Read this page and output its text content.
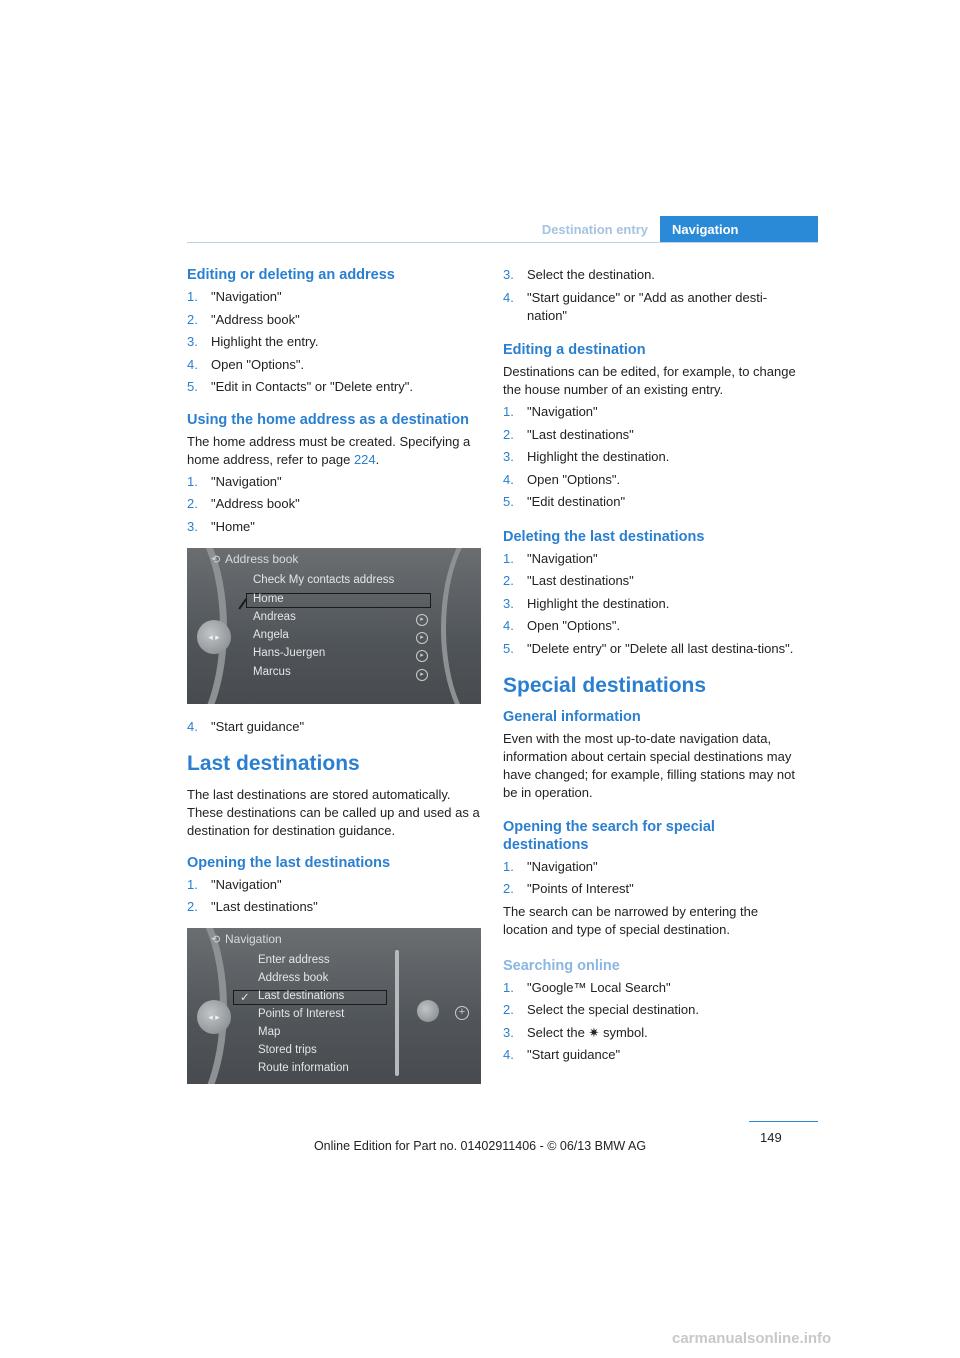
Destination entry	Navigation
Editing or deleting an address
1.	"Navigation"
2.	"Address book"
3.	Highlight the entry.
4.	Open "Options".
5.	"Edit in Contacts" or "Delete entry".
Using the home address as a destination
The home address must be created. Specifying a home address, refer to page 224.
1.	"Navigation"
2.	"Address book"
3.	"Home"
◂ ▸
⟲ Address book
Check My contacts address
Home
Andreas
Angela
Hans-Juergen
Marcus
▸
▸
▸
▸
4.	"Start guidance"
Last destinations
The last destinations are stored automatically. These destinations can be called up and used as a destination for destination guidance.
Opening the last destinations
1.	"Navigation"
2.	"Last destinations"
◂ ▸	+
⟲ Navigation
Enter address
Address book
✓ Last destinations
Points of Interest
Map
Stored trips
Route information
3.	Select the destination.
4.	"Start guidance" or "Add as another desti-nation"
Editing a destination
Destinations can be edited, for example, to change the house number of an existing entry.
1.	"Navigation"
2.	"Last destinations"
3.	Highlight the destination.
4.	Open "Options".
5.	"Edit destination"
Deleting the last destinations
1.	"Navigation"
2.	"Last destinations"
3.	Highlight the destination.
4.	Open "Options".
5.	"Delete entry" or "Delete all last destina-tions".
Special destinations
General information
Even with the most up-to-date navigation data, information about certain special destinations may have changed; for example, filling stations may not be in operation.
Opening the search for special destinations
1.	"Navigation"
2.	"Points of Interest"
The search can be narrowed by entering the location and type of special destination.
Searching online
1.	"Google™ Local Search"
2.	Select the special destination.
3.	Select the ✷ symbol.
4.	"Start guidance"
149
Online Edition for Part no. 01402911406 - © 06/13 BMW AG
carmanualsonline.info
